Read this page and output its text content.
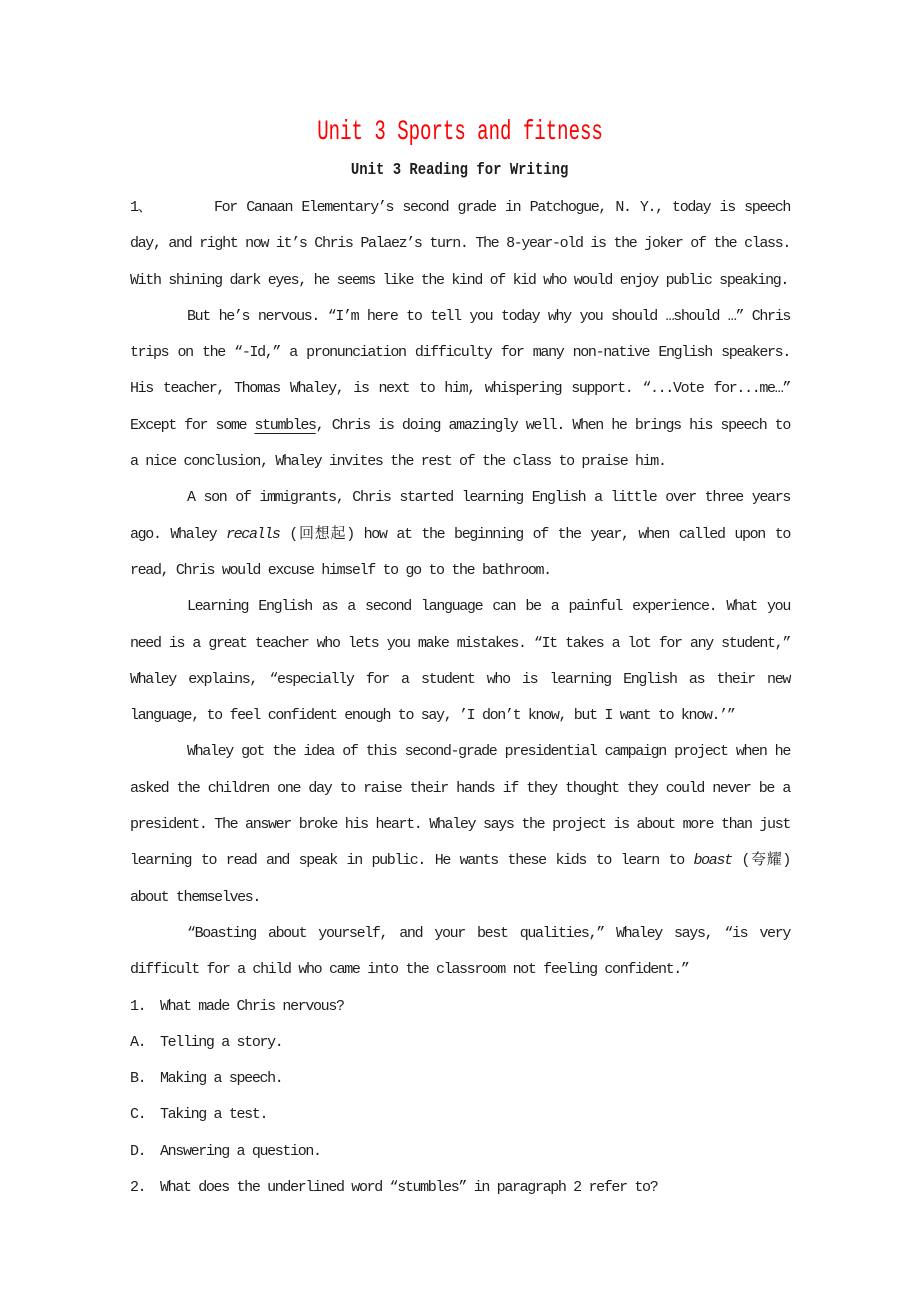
Unit 3 Sports and fitness
Unit 3 Reading for Writing

1、	For Canaan Elementary’s second grade in Patchogue, N. Y., today is speech day, and right now it’s Chris Palaez’s turn. The 8-year-old is the joker of the class. With shining dark eyes, he seems like the kind of kid who would enjoy public speaking.

But he’s nervous. “I’m here to tell you today why you should …should …” Chris trips on the “-Id,” a pronunciation difficulty for many non-native English speakers. His teacher, Thomas Whaley, is next to him, whispering support. “...Vote for...me…” Except for some stumbles, Chris is doing amazingly well. When he brings his speech to a nice conclusion, Whaley invites the rest of the class to praise him.

A son of immigrants, Chris started learning English a little over three years ago. Whaley recalls (回想起) how at the beginning of the year, when called upon to read, Chris would excuse himself to go to the bathroom.

Learning English as a second language can be a painful experience. What you need is a great teacher who lets you make mistakes. “It takes a lot for any student,” Whaley explains, “especially for a student who is learning English as their new language, to feel confident enough to say, ’I don’t know, but I want to know.’”

Whaley got the idea of this second-grade presidential campaign project when he asked the children one day to raise their hands if they thought they could never be a president. The answer broke his heart. Whaley says the project is about more than just learning to read and speak in public. He wants these kids to learn to boast (夸耀) about themselves.

“Boasting about yourself, and your best qualities,” Whaley says, “is very difficult for a child who came into the classroom not feeling confident.”

1. What made Chris nervous?

A. Telling a story.

B. Making a speech.

C. Taking a test.

D. Answering a question.

2. What does the underlined word “stumbles” in paragraph 2 refer to?
